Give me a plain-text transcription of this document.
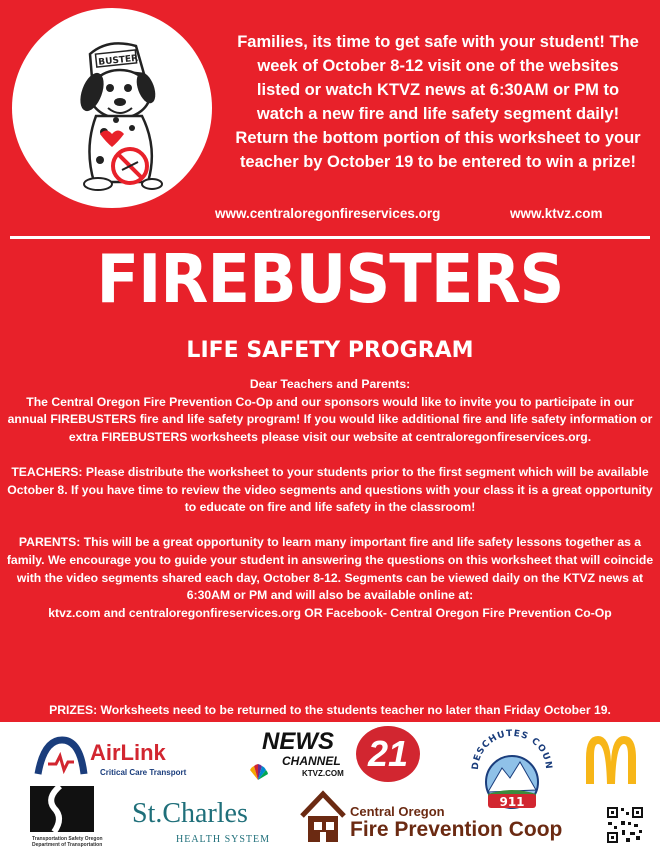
BUSTER
Families, its time to get safe with your student! The
week of October 8-12 visit one of the websites
listed or watch KTVZ news at 6:30AM or PM to
watch a new fire and life safety segment daily!
Return the bottom portion of this worksheet to your
teacher by October 19 to be entered to win a prize!
www.centraloregonfireservices.org	www.ktvz.com
FIREBUSTERS
LIFE SAFETY PROGRAM

Dear Teachers and Parents:

The Central Oregon Fire Prevention Co-Op and our sponsors would like to invite you to participate in our annual FIREBUSTERS fire and life safety program! If you would like additional fire and life safety information or extra FIREBUSTERS worksheets please visit our website at centraloregonfireservices.org.

TEACHERS: Please distribute the worksheet to your students prior to the first segment which will be available October 8. If you have time to review the video segments and questions with your class it is a great opportunity to educate on fire and life safety in the classroom!

PARENTS: This will be a great opportunity to learn many important fire and life safety lessons together as a family. We encourage you to guide your student in answering the questions on this worksheet that will coincide with the video segments shared each day, October 8-12. Segments can be viewed daily on the KTVZ news at 6:30AM or PM and will also be available online at:

ktvz.com and centraloregonfireservices.org OR Facebook- Central Oregon Fire Prevention Co-Op

PRIZES: Worksheets need to be returned to the students teacher no later than Friday October 19.

AirLink
Critical Care Transport
NEWS
CHANNEL
KTVZ.COM 21	DESCHUTES COUN
911
Transportation Safety Oregon Department of Transportation
St.Charles
HEALTH SYSTEM
Central Oregon
Fire Prevention Coop
